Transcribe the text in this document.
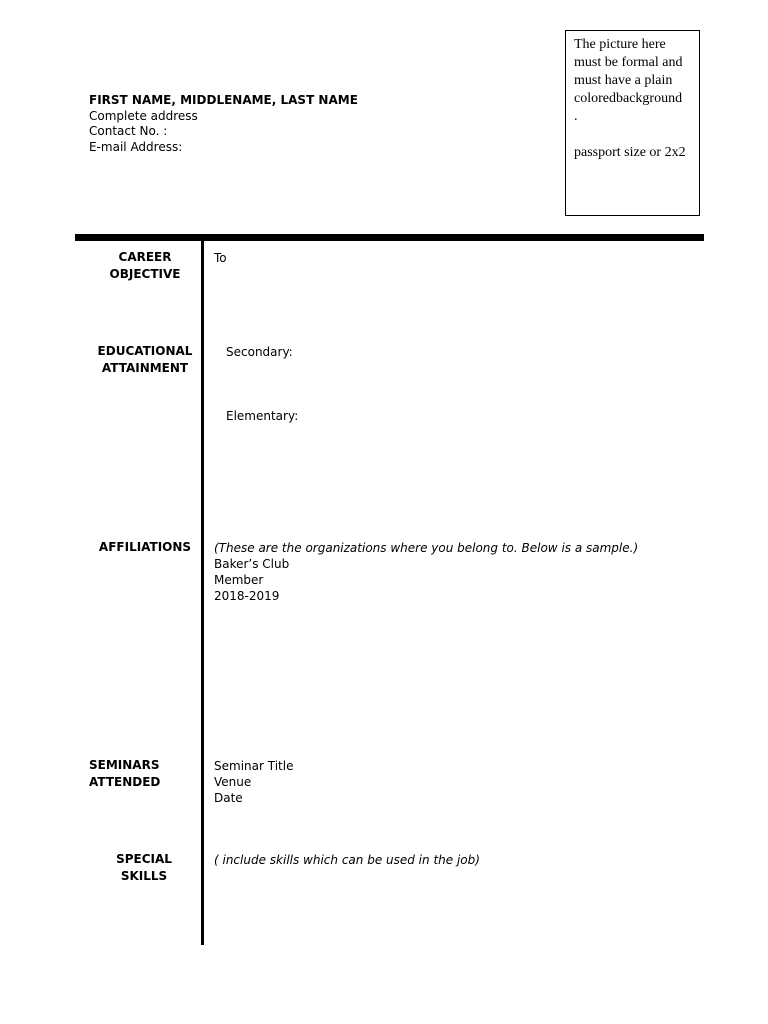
FIRST NAME, MIDDLENAME, LAST NAME
Complete address
Contact No. :
E-mail Address:

The picture here must be formal and must have a plain coloredbackground

.

passport size or 2x2

CAREER
OBJECTIVE
To
EDUCATIONAL
ATTAINMENT
Secondary:
Elementary:
AFFILIATIONS	(These are the organizations where you belong to. Below is a sample.)
Baker’s Club
Member
2018-2019
SEMINARS
ATTENDED
Seminar Title
Venue
Date
SPECIAL
SKILLS
( include skills which can be used in the job)
